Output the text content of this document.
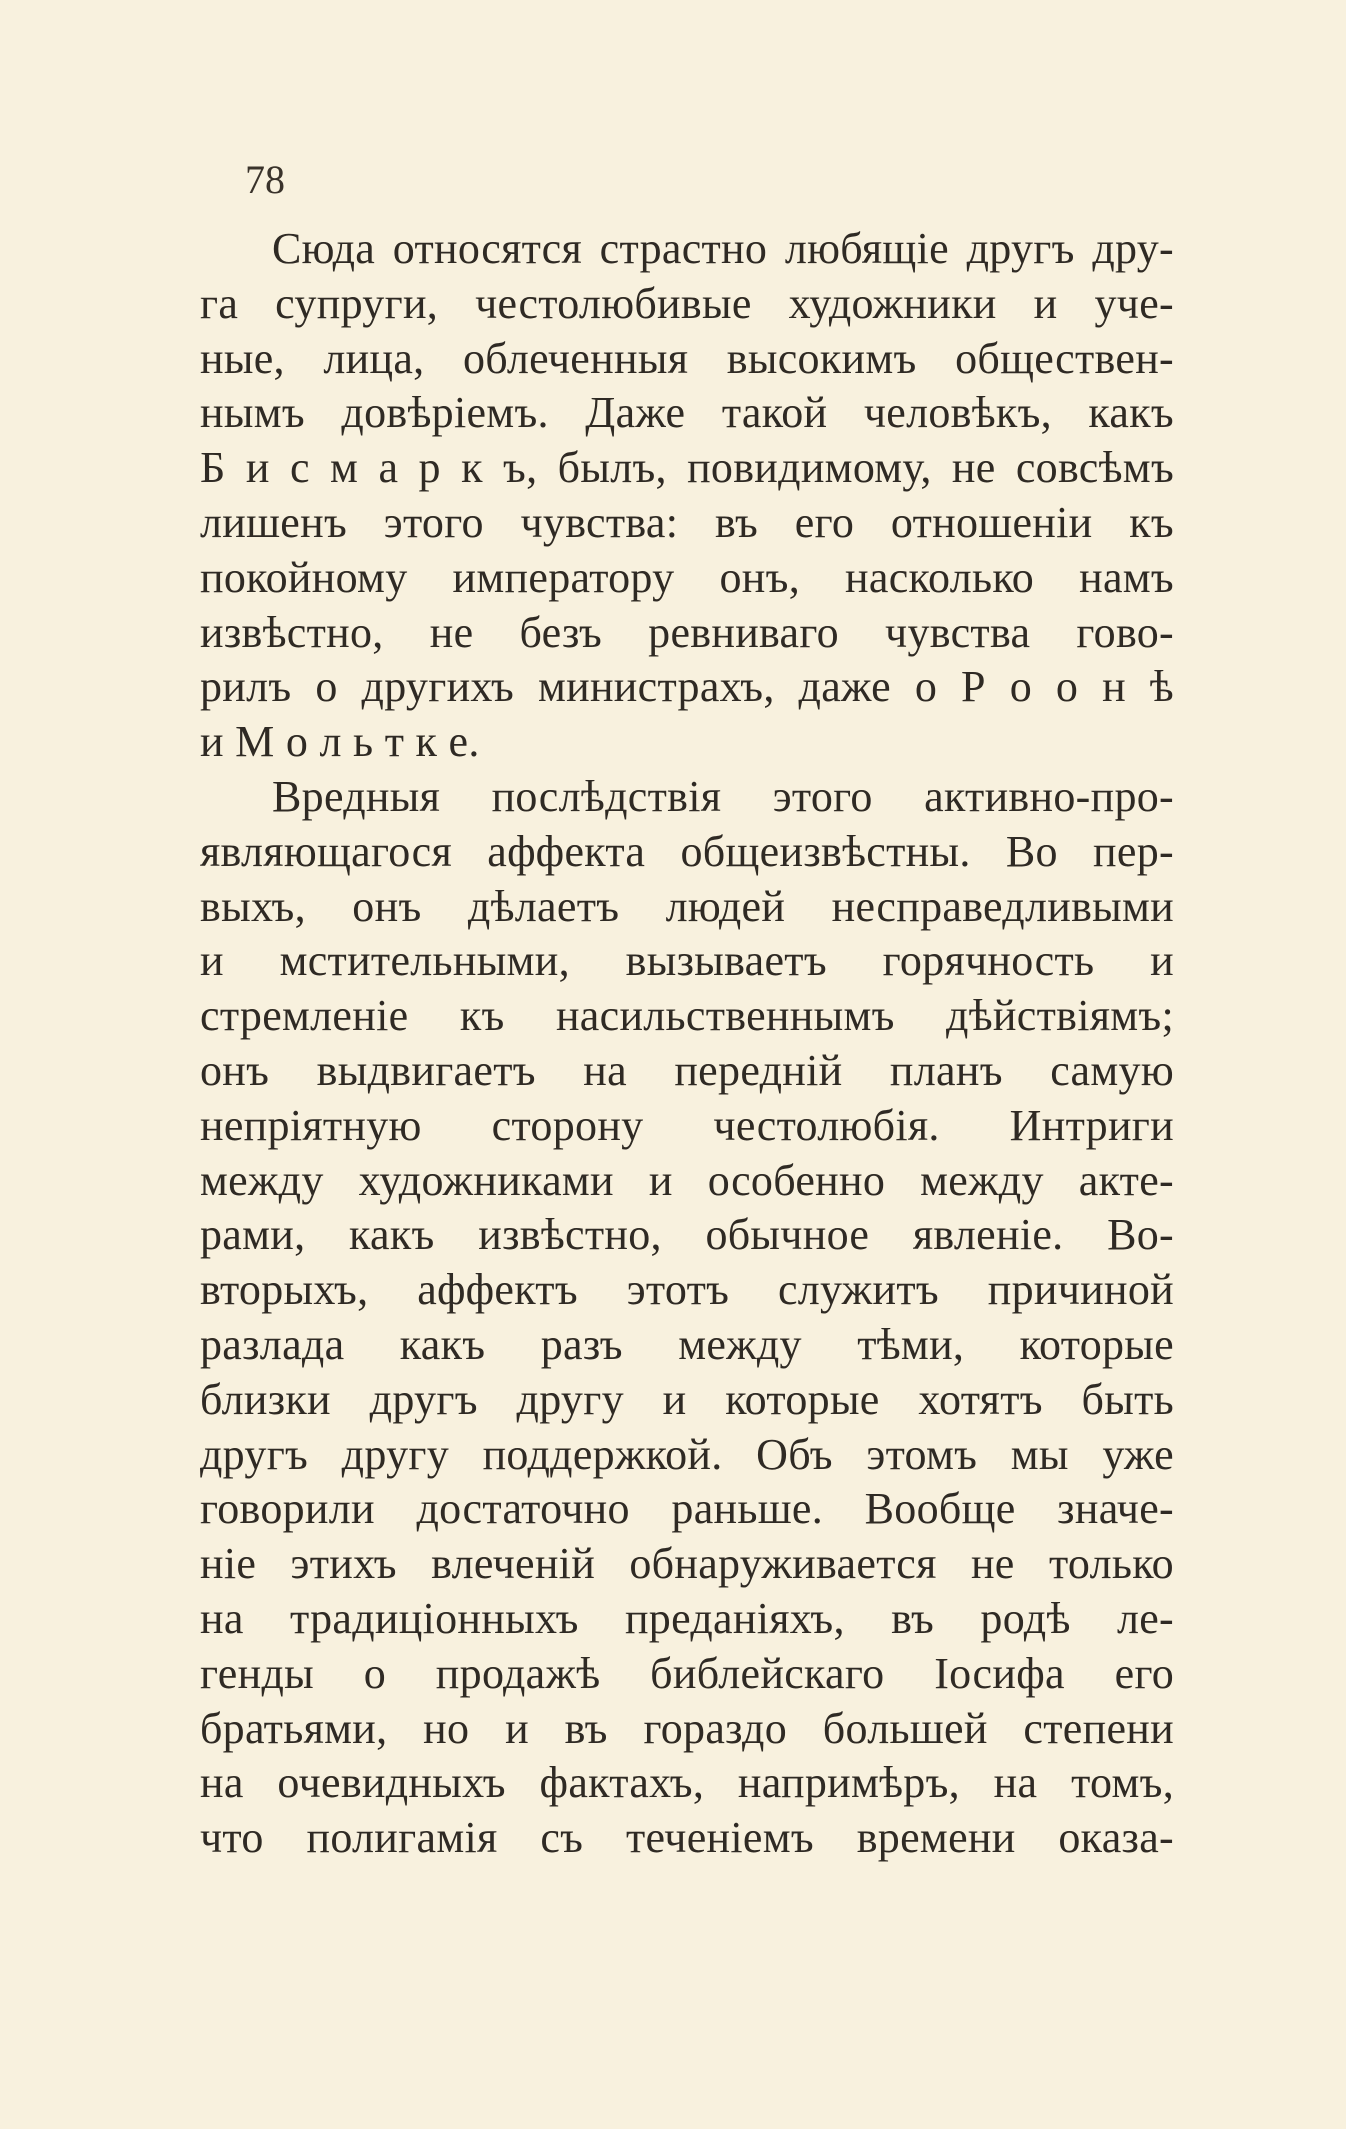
78
Сюда относятся страстно любящіе другъ дру-
га супруги, честолюбивые художники и уче-
ные, лица, облеченныя высокимъ обществен-
нымъ довѣріемъ. Даже такой человѣкъ, какъ
Б и с м а р к ъ, былъ, повидимому, не совсѣмъ
лишенъ этого чувства: въ его отношеніи къ
покойному императору онъ, насколько намъ
извѣстно, не безъ ревниваго чувства гово-
рилъ о другихъ министрахъ, даже о Р о о н ѣ
и М о л ь т к е.
Вредныя послѣдствія этого активно-про-
являющагося аффекта общеизвѣстны. Во пер-
выхъ, онъ дѣлаетъ людей несправедливыми
и мстительными, вызываетъ горячность и
стремленіе къ насильственнымъ дѣйствіямъ;
онъ выдвигаетъ на передній планъ самую
непріятную сторону честолюбія. Интриги
между художниками и особенно между акте-
рами, какъ извѣстно, обычное явленіе. Во-
вторыхъ, аффектъ этотъ служитъ причиной
разлада какъ разъ между тѣми, которые
близки другъ другу и которые хотятъ быть
другъ другу поддержкой. Объ этомъ мы уже
говорили достаточно раньше. Вообще значе-
ніе этихъ влеченій обнаруживается не только
на традиціонныхъ преданіяхъ, въ родѣ ле-
генды о продажѣ библейскаго Іосифа его
братьями, но и въ гораздо большей степени
на очевидныхъ фактахъ, напримѣръ, на томъ,
что полигамія съ теченіемъ времени оказа-
